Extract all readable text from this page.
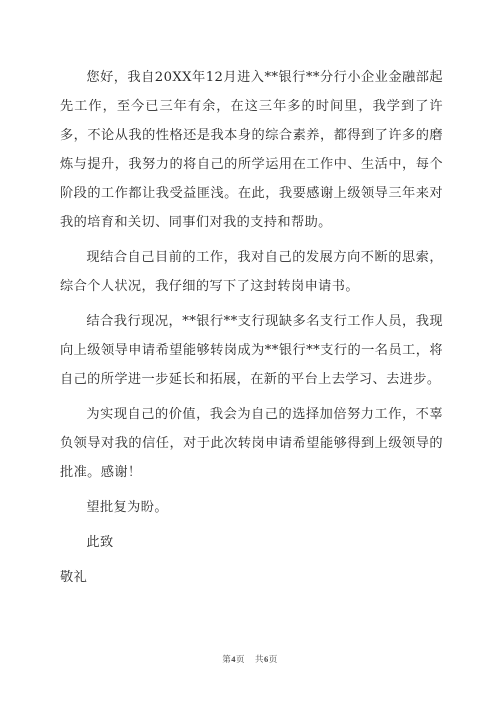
您好，我自20XX年12月进入**银行**分行小企业金融部起先工作，至今已三年有余，在这三年多的时间里，我学到了许多，不论从我的性格还是我本身的综合素养，都得到了许多的磨炼与提升，我努力的将自己的所学运用在工作中、生活中，每个阶段的工作都让我受益匪浅。在此，我要感谢上级领导三年来对我的培育和关切、同事们对我的支持和帮助。

现结合自己目前的工作，我对自己的发展方向不断的思索，综合个人状况，我仔细的写下了这封转岗申请书。

结合我行现况，**银行**支行现缺多名支行工作人员，我现向上级领导申请希望能够转岗成为**银行**支行的一名员工，将自己的所学进一步延长和拓展，在新的平台上去学习、去进步。

为实现自己的价值，我会为自己的选择加倍努力工作，不辜负领导对我的信任，对于此次转岗申请希望能够得到上级领导的批准。感谢！

望批复为盼。

此致

敬礼

第4页 共6页
